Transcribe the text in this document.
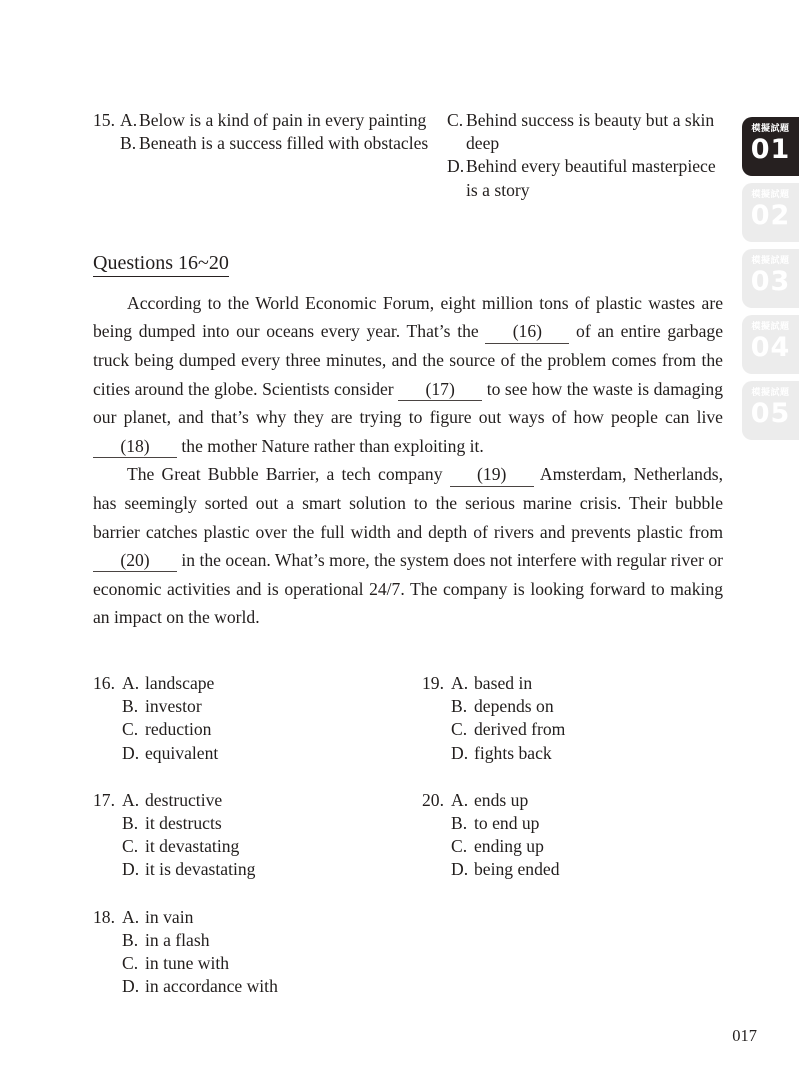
15. A. Below is a kind of pain in every painting
B. Beneath is a success filled with obstacles
C. Behind success is beauty but a skin deep
D. Behind every beautiful masterpiece is a story
Questions 16~20

According to the World Economic Forum, eight million tons of plastic wastes are being dumped into our oceans every year. That’s the (16) of an entire garbage truck being dumped every three minutes, and the source of the problem comes from the cities around the globe. Scientists consider (17) to see how the waste is damaging our planet, and that’s why they are trying to figure out ways of how people can live (18) the mother Nature rather than exploiting it.

The Great Bubble Barrier, a tech company (19) Amsterdam, Netherlands, has seemingly sorted out a smart solution to the serious marine crisis. Their bubble barrier catches plastic over the full width and depth of rivers and prevents plastic from (20) in the ocean. What’s more, the system does not interfere with regular river or economic activities and is operational 24/7. The company is looking forward to making an impact on the world.

16. A. landscape
B. investor
C. reduction
D. equivalent
19. A. based in
B. depends on
C. derived from
D. fights back
17. A. destructive
B. it destructs
C. it devastating
D. it is devastating
20. A. ends up
B. to end up
C. ending up
D. being ended
18. A. in vain
B. in a flash
C. in tune with
D. in accordance with
模擬試題
01
模擬試題
02
模擬試題
03
模擬試題
04
模擬試題
05
017
